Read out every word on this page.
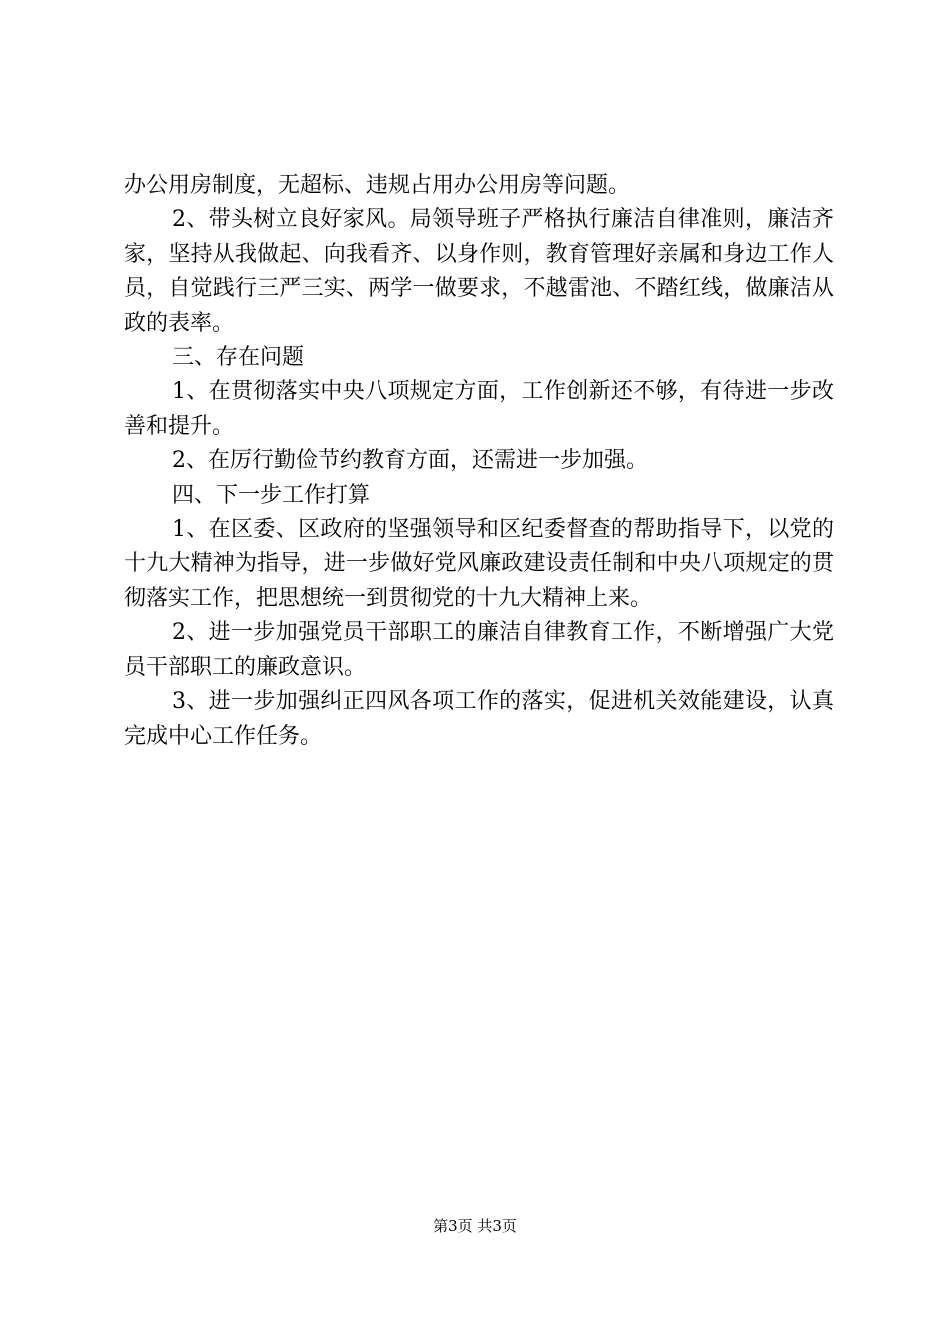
办公用房制度，无超标、违规占用办公用房等问题。

2、带头树立良好家风。局领导班子严格执行廉洁自律准则，廉洁齐家，坚持从我做起、向我看齐、以身作则，教育管理好亲属和身边工作人员，自觉践行三严三实、两学一做要求，不越雷池、不踏红线，做廉洁从政的表率。

三、存在问题

1、在贯彻落实中央八项规定方面，工作创新还不够，有待进一步改善和提升。

2、在厉行勤俭节约教育方面，还需进一步加强。

四、下一步工作打算

1、在区委、区政府的坚强领导和区纪委督查的帮助指导下，以党的十九大精神为指导，进一步做好党风廉政建设责任制和中央八项规定的贯彻落实工作，把思想统一到贯彻党的十九大精神上来。

2、进一步加强党员干部职工的廉洁自律教育工作，不断增强广大党员干部职工的廉政意识。

3、进一步加强纠正四风各项工作的落实，促进机关效能建设，认真完成中心工作任务。

第3页 共3页
